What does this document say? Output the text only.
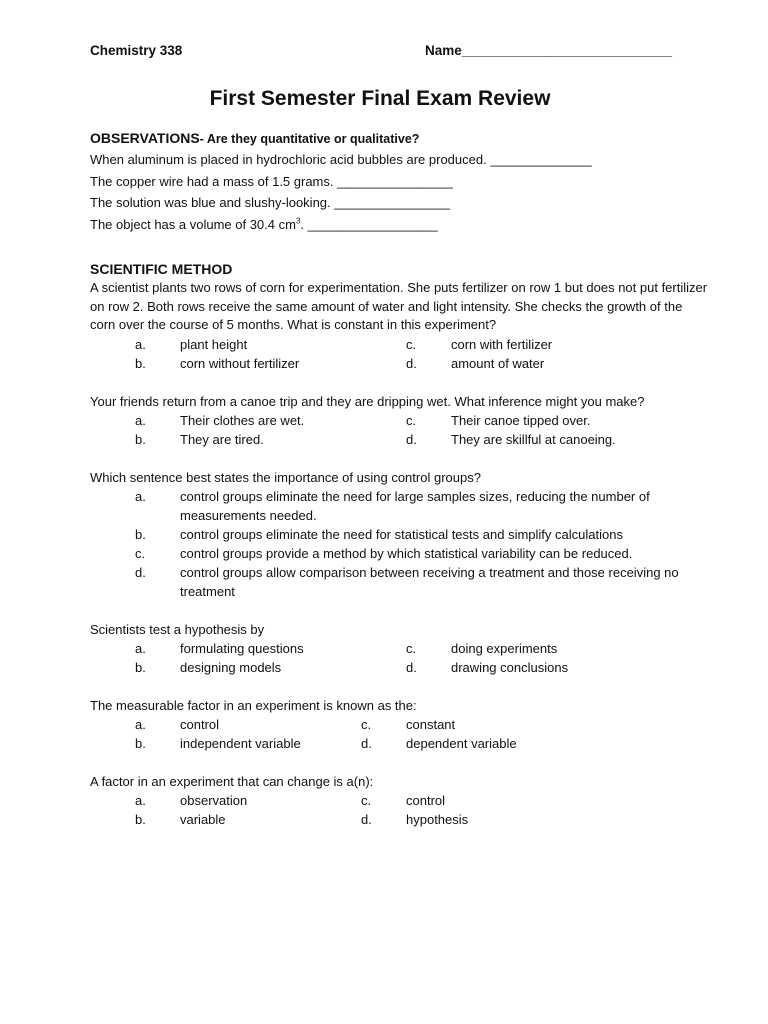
Chemistry 338	Name____________________________
First Semester Final Exam Review
OBSERVATIONS- Are they quantitative or qualitative?
When aluminum is placed in hydrochloric acid bubbles are produced. ______________
The copper wire had a mass of 1.5 grams. ________________
The solution was blue and slushy-looking. ________________
The object has a volume of 30.4 $cm^3$. __________________
SCIENTIFIC METHOD
A scientist plants two rows of corn for experimentation. She puts fertilizer on row 1 but does not put fertilizer on row 2. Both rows receive the same amount of water and light intensity. She checks the growth of the corn over the course of 5 months. What is constant in this experiment?
a.	plant height	c.	corn with fertilizer
b.	corn without fertilizer	d.	amount of water
Your friends return from a canoe trip and they are dripping wet. What inference might you make?
a.	Their clothes are wet.	c.	Their canoe tipped over.
b.	They are tired.	d.	They are skillful at canoeing.
Which sentence best states the importance of using control groups?
a.	control groups eliminate the need for large samples sizes, reducing the number of measurements needed.
b.	control groups eliminate the need for statistical tests and simplify calculations
c.	control groups provide a method by which statistical variability can be reduced.
d.	control groups allow comparison between receiving a treatment and those receiving no treatment
Scientists test a hypothesis by
a.	formulating questions	c.	doing experiments
b.	designing models	d.	drawing conclusions
The measurable factor in an experiment is known as the:
a.	control	c.	constant
b.	independent variable	d.	dependent variable
A factor in an experiment that can change is a(n):
a.	observation	c.	control
b.	variable	d.	hypothesis
